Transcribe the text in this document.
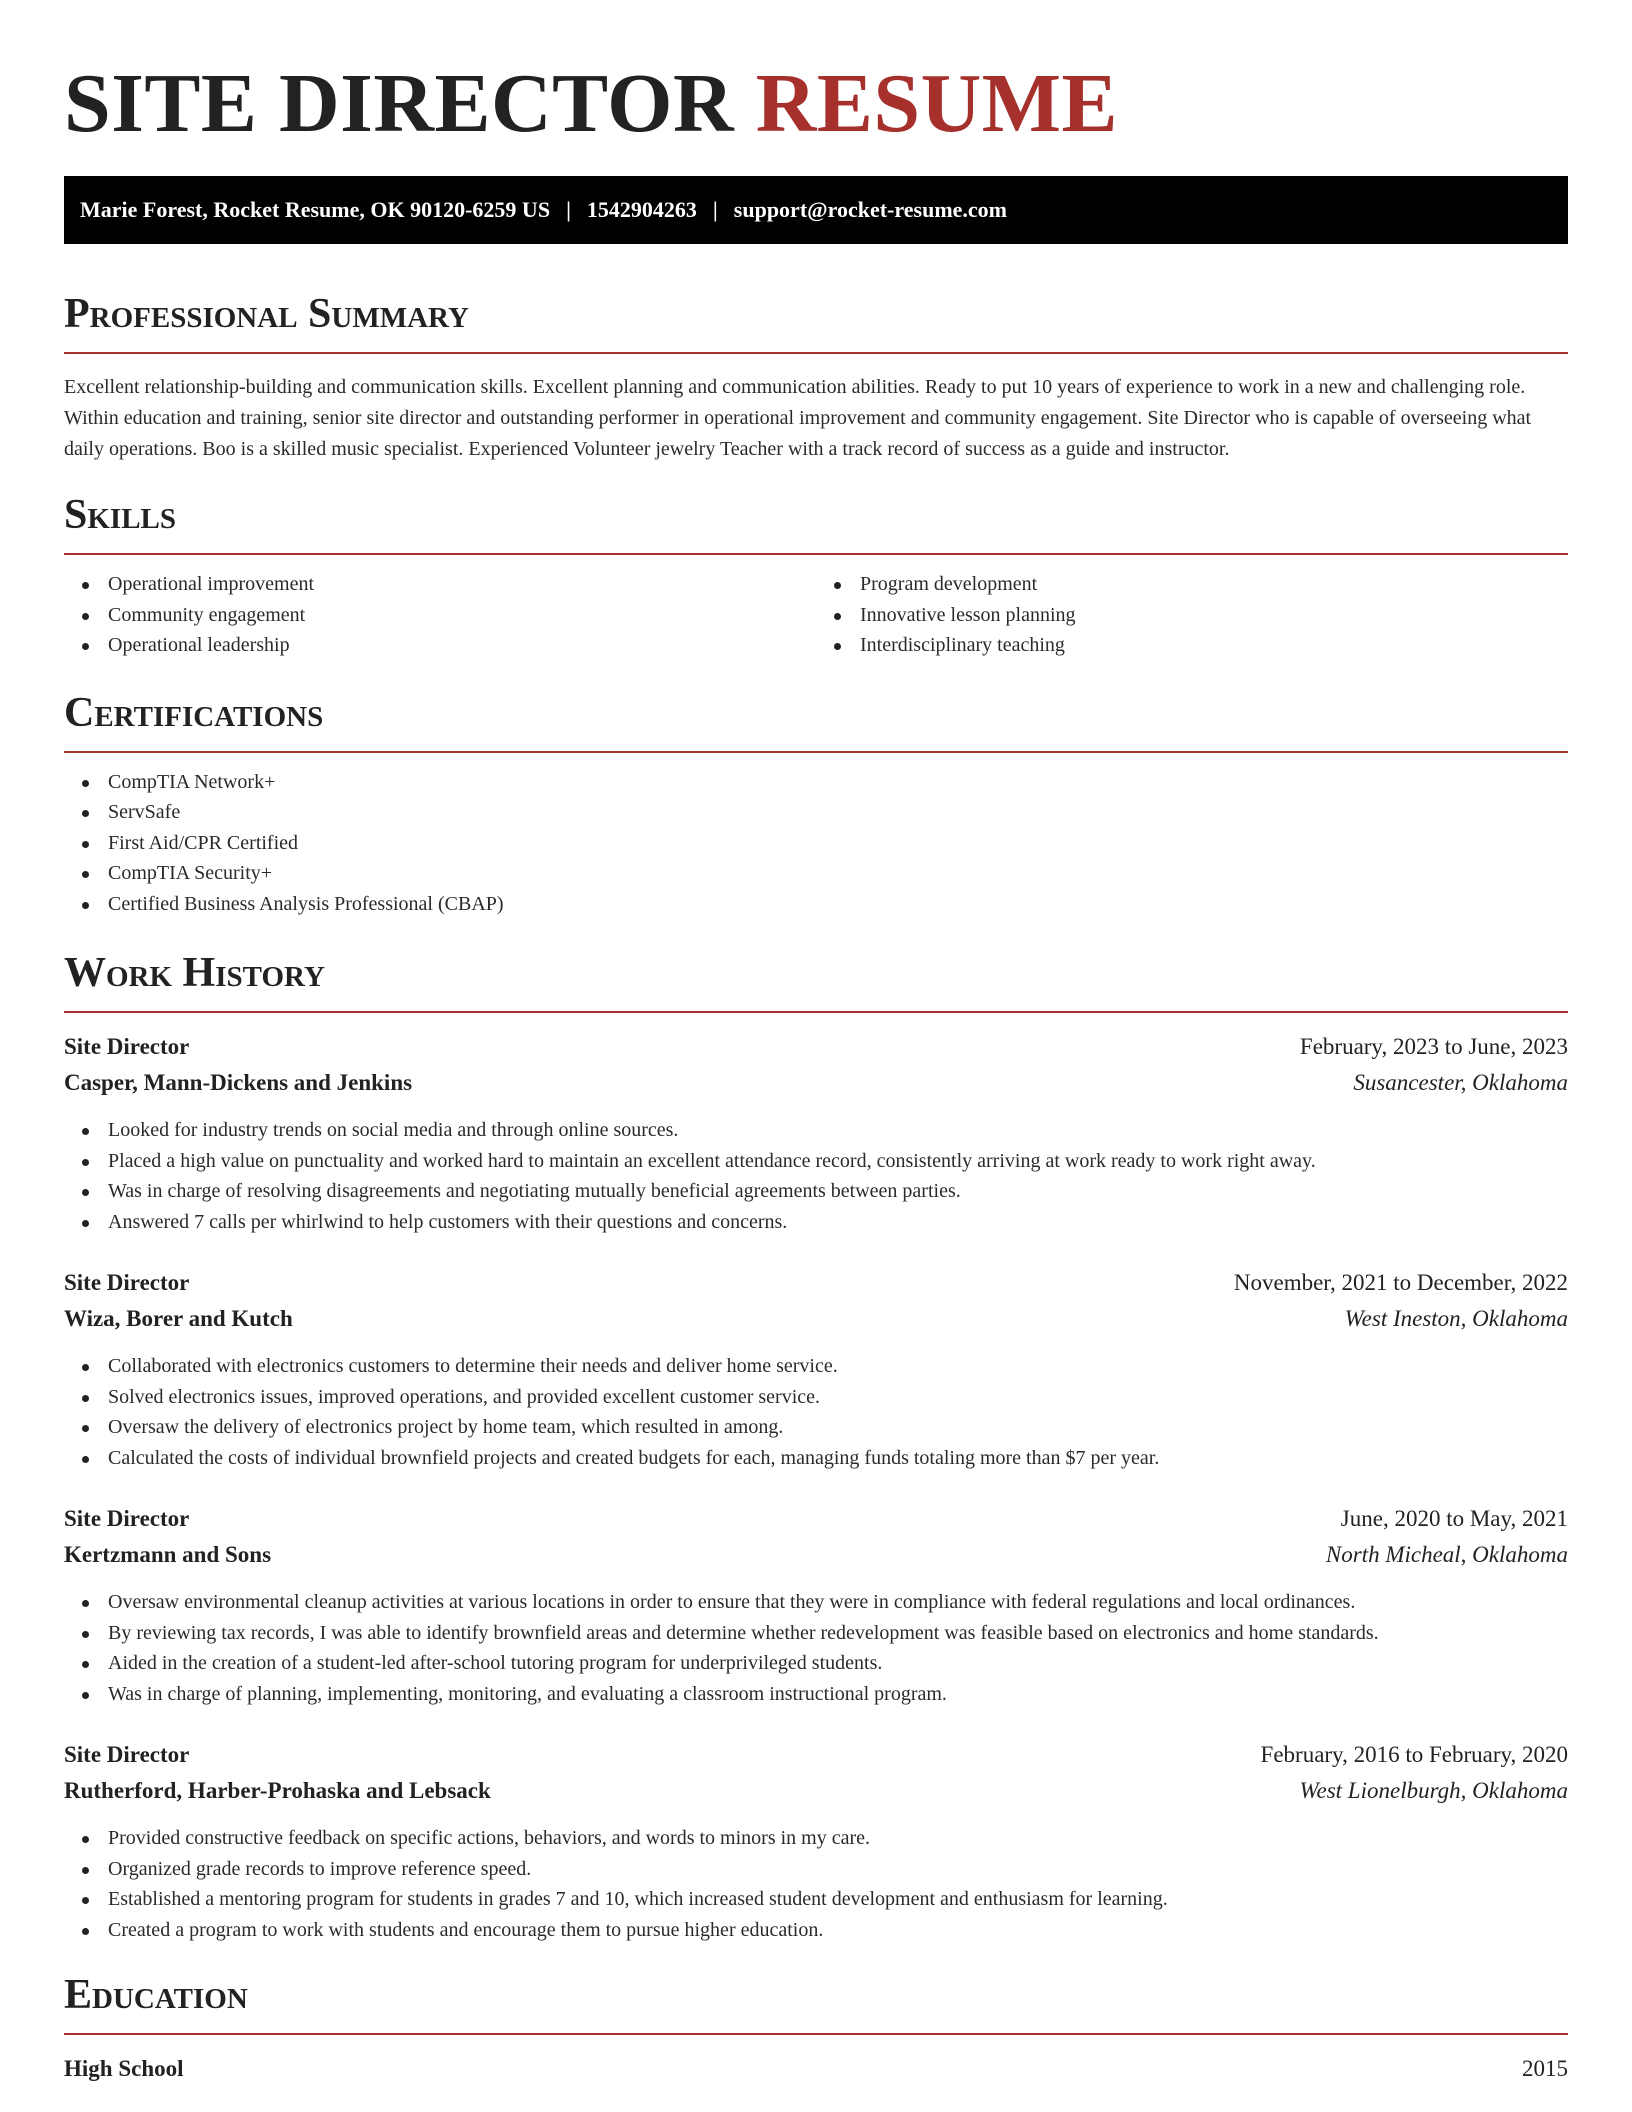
SITE DIRECTOR RESUME
Marie Forest, Rocket Resume, OK 90120-6259 US | 1542904263 | support@rocket-resume.com
Professional Summary

Excellent relationship-building and communication skills. Excellent planning and communication abilities. Ready to put 10 years of experience to work in a new and challenging role. Within education and training, senior site director and outstanding performer in operational improvement and community engagement. Site Director who is capable of overseeing what daily operations. Boo is a skilled music specialist. Experienced Volunteer jewelry Teacher with a track record of success as a guide and instructor.

Skills
Operational improvement
Community engagement
Operational leadership
Program development
Innovative lesson planning
Interdisciplinary teaching
Certifications
CompTIA Network+
ServSafe
First Aid/CPR Certified
CompTIA Security+
Certified Business Analysis Professional (CBAP)
Work History
Site Director	February, 2023 to June, 2023
Casper, Mann-Dickens and Jenkins	Susancester, Oklahoma
Looked for industry trends on social media and through online sources.
Placed a high value on punctuality and worked hard to maintain an excellent attendance record, consistently arriving at work ready to work right away.
Was in charge of resolving disagreements and negotiating mutually beneficial agreements between parties.
Answered 7 calls per whirlwind to help customers with their questions and concerns.
Site Director	November, 2021 to December, 2022
Wiza, Borer and Kutch	West Ineston, Oklahoma
Collaborated with electronics customers to determine their needs and deliver home service.
Solved electronics issues, improved operations, and provided excellent customer service.
Oversaw the delivery of electronics project by home team, which resulted in among.
Calculated the costs of individual brownfield projects and created budgets for each, managing funds totaling more than $7 per year.
Site Director	June, 2020 to May, 2021
Kertzmann and Sons	North Micheal, Oklahoma
Oversaw environmental cleanup activities at various locations in order to ensure that they were in compliance with federal regulations and local ordinances.
By reviewing tax records, I was able to identify brownfield areas and determine whether redevelopment was feasible based on electronics and home standards.
Aided in the creation of a student-led after-school tutoring program for underprivileged students.
Was in charge of planning, implementing, monitoring, and evaluating a classroom instructional program.
Site Director	February, 2016 to February, 2020
Rutherford, Harber-Prohaska and Lebsack	West Lionelburgh, Oklahoma
Provided constructive feedback on specific actions, behaviors, and words to minors in my care.
Organized grade records to improve reference speed.
Established a mentoring program for students in grades 7 and 10, which increased student development and enthusiasm for learning.
Created a program to work with students and encourage them to pursue higher education.
Education
High School	2015
